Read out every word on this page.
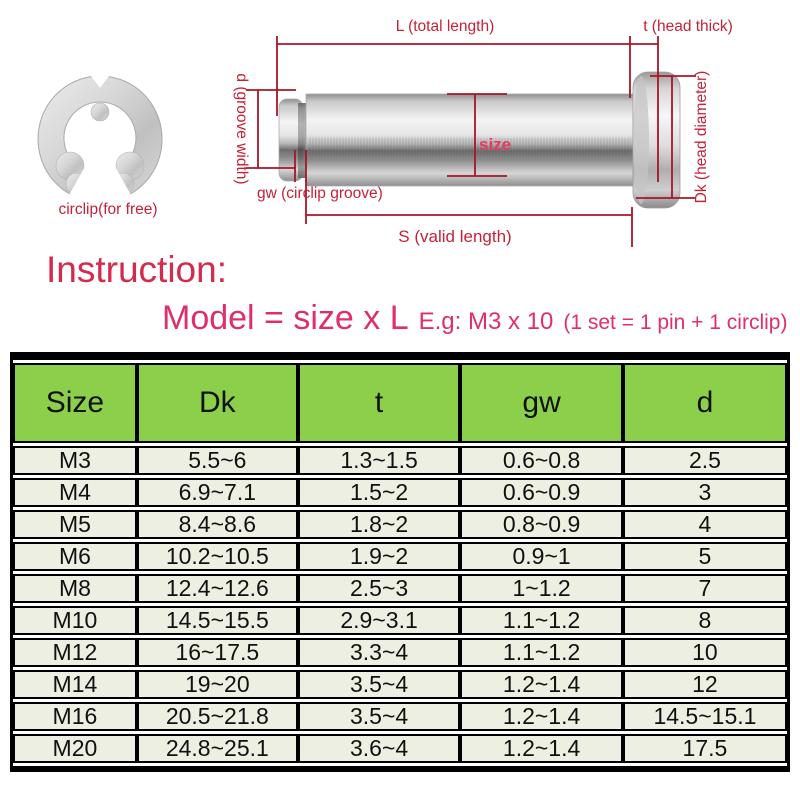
circlip(for free)
L (total length)	t (head thick)
d (groove width)	Dk (head diameter)
size
gw (circlip groove)
S (valid length)
Instruction:
Model = size x L E.g: M3 x 10 (1 set = 1 pin + 1 circlip)
Size	Dk	t	gw	d
M3	5.5~6	1.3~1.5	0.6~0.8	2.5
M4	6.9~7.1	1.5~2	0.6~0.9	3
M5	8.4~8.6	1.8~2	0.8~0.9	4
M6	10.2~10.5	1.9~2	0.9~1	5
M8	12.4~12.6	2.5~3	1~1.2	7
M10	14.5~15.5	2.9~3.1	1.1~1.2	8
M12	16~17.5	3.3~4	1.1~1.2	10
M14	19~20	3.5~4	1.2~1.4	12
M16	20.5~21.8	3.5~4	1.2~1.4	14.5~15.1
M20	24.8~25.1	3.6~4	1.2~1.4	17.5
